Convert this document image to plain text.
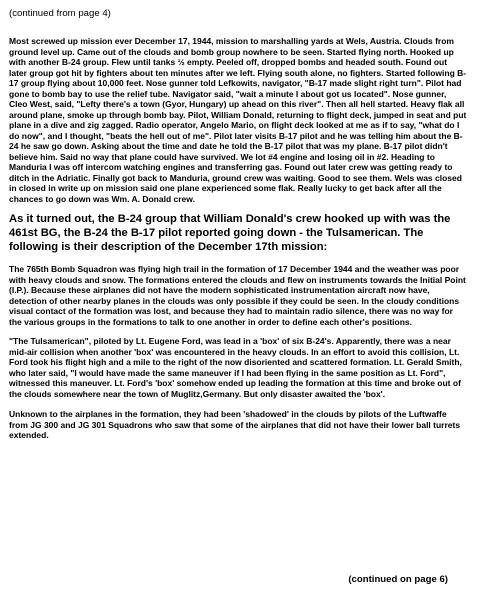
(continued from page 4)

Most screwed up mission ever December 17, 1944, mission to marshalling yards at Wels, Austria. Clouds from ground level up. Came out of the clouds and bomb group nowhere to be seen. Started flying north. Hooked up with another B-24 group. Flew until tanks ½ empty. Peeled off, dropped bombs and headed south. Found out later group got hit by fighters about ten minutes after we left. Flying south alone, no fighters. Started following B-17 group flying about 10,000 feet. Nose gunner told Lefkowits, navigator, "B-17 made slight right turn". Pilot had gone to bomb bay to use the relief tube. Navigator said, "wait a minute I about got us located". Nose gunner, Cleo West, said, "Lefty there's a town (Gyor, Hungary) up ahead on this river". Then all hell started. Heavy flak all around plane, smoke up through bomb bay. Pilot, William Donald, returning to flight deck, jumped in seat and put plane in a dive and zig zagged. Radio operator, Angelo Mario, on flight deck looked at me as if to say, "what do I do now", and I thought, "beats the hell out of me". Pilot later visits B-17 pilot and he was telling him about the B-24 he saw go down. Asking about the time and date he told the B-17 pilot that was my plane. B-17 pilot didn't believe him. Said no way that plane could have survived. We lot #4 engine and losing oil in #2. Heading to Manduria I was off intercom watching engines and transferring gas. Found out later crew was getting ready to ditch in the Adriatic. Finally got back to Manduria, ground crew was waiting. Good to see them. Wels was closed in closed in write up on mission said one plane experienced some flak. Really lucky to get back after all the chances to go down was Wm. A. Donald crew.

As it turned out, the B-24 group that William Donald's crew hooked up with was the 461st BG, the B-24 the B-17 pilot reported going down - the Tulsamerican. The following is their description of the December 17th mission:

The 765th Bomb Squadron was flying high trail in the formation of 17 December 1944 and the weather was poor with heavy clouds and snow. The formations entered the clouds and flew on instruments towards the Initial Point (I.P.). Because these airplanes did not have the modern sophisticated instrumentation aircraft now have, detection of other nearby planes in the clouds was only possible if they could be seen. In the cloudy conditions visual contact of the formation was lost, and because they had to maintain radio silence, there was no way for the various groups in the formations to talk to one another in order to define each other's positions.

"The Tulsamerican", piloted by Lt. Eugene Ford, was lead in a 'box' of six B-24's. Apparently, there was a near mid-air collision when another 'box' was encountered in the heavy clouds. In an effort to avoid this collision, Lt. Ford took his flight high and a mile to the right of the now disoriented and scattered formation. Lt. Gerald Smith, who later said, "I would have made the same maneuver if I had been flying in the same position as Lt. Ford", witnessed this maneuver. Lt. Ford's 'box' somehow ended up leading the formation at this time and broke out of the clouds somewhere near the town of Muglitz,Germany. But only disaster awaited the 'box'.

Unknown to the airplanes in the formation, they had been 'shadowed' in the clouds by pilots of the Luftwaffe from JG 300 and JG 301 Squadrons who saw that some of the airplanes that did not have their lower ball turrets extended.

(continued on page 6)
